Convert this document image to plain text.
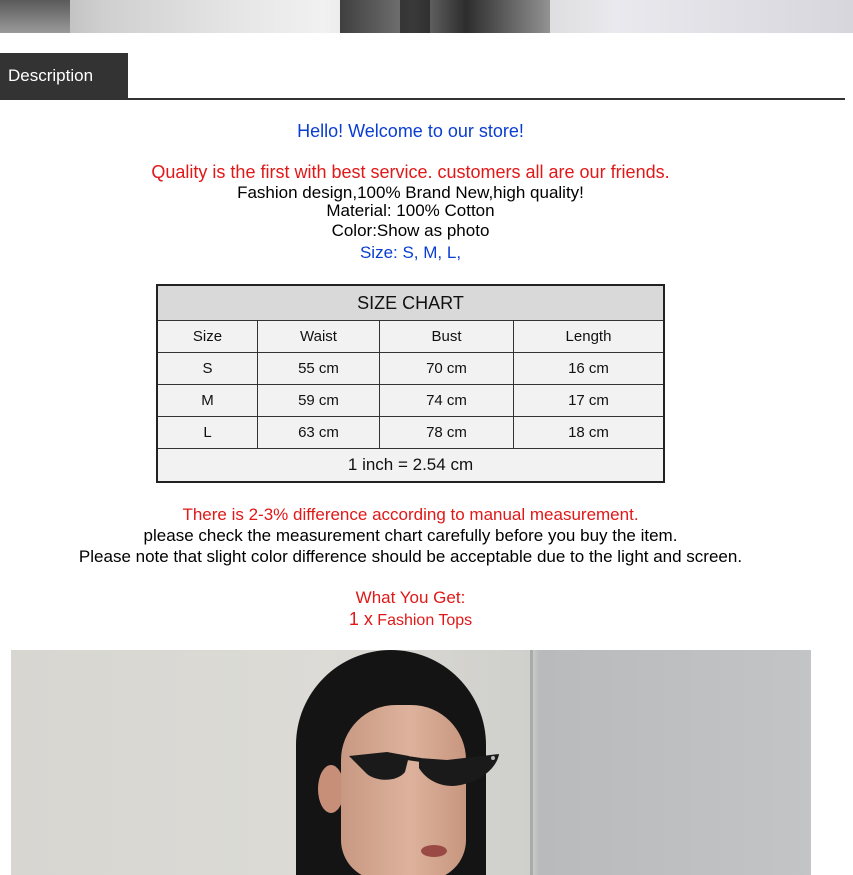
Description
Hello! Welcome to our store!
Quality is the first with best service. customers all are our friends.
Fashion design,100% Brand New,high quality!
Material: 100% Cotton
Color:Show as photo
Size: S, M, L,
SIZE CHART			
Size	Waist	Bust	Length
S	55 cm	70 cm	16 cm
M	59 cm	74 cm	17 cm
L	63 cm	78 cm	18 cm
1 inch = 2.54 cm			
There is 2-3% difference according to manual measurement.
please check the measurement chart carefully before you buy the item.
Please note that slight color difference should be acceptable due to the light and screen.
What You Get:
1 x Fashion Tops
